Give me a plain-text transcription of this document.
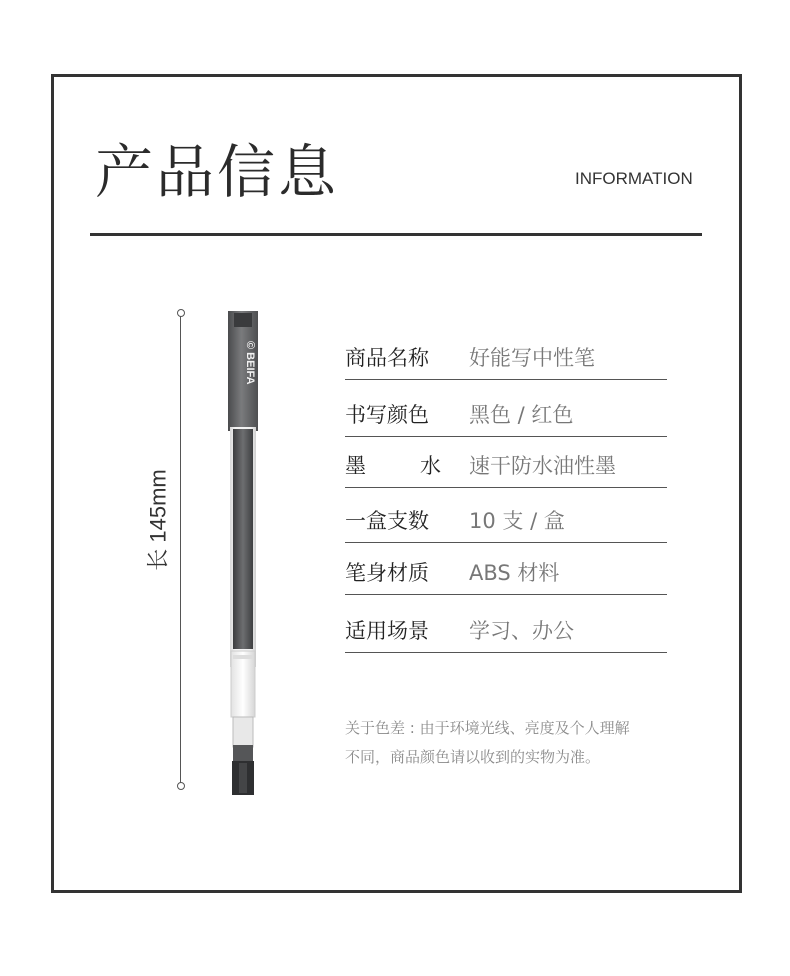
产品信息	INFORMATION
长 145mm
© BEIFA	商品名称 好能写中性笔
书写颜色 黑色 / 红色
墨	水 速干防水油性墨
一盒支数 10 支 / 盒
笔身材质 ABS 材料
适用场景 学习、办公
关于色差 : 由于环境光线、亮度及个人理解
不同，商品颜色请以收到的实物为准。
